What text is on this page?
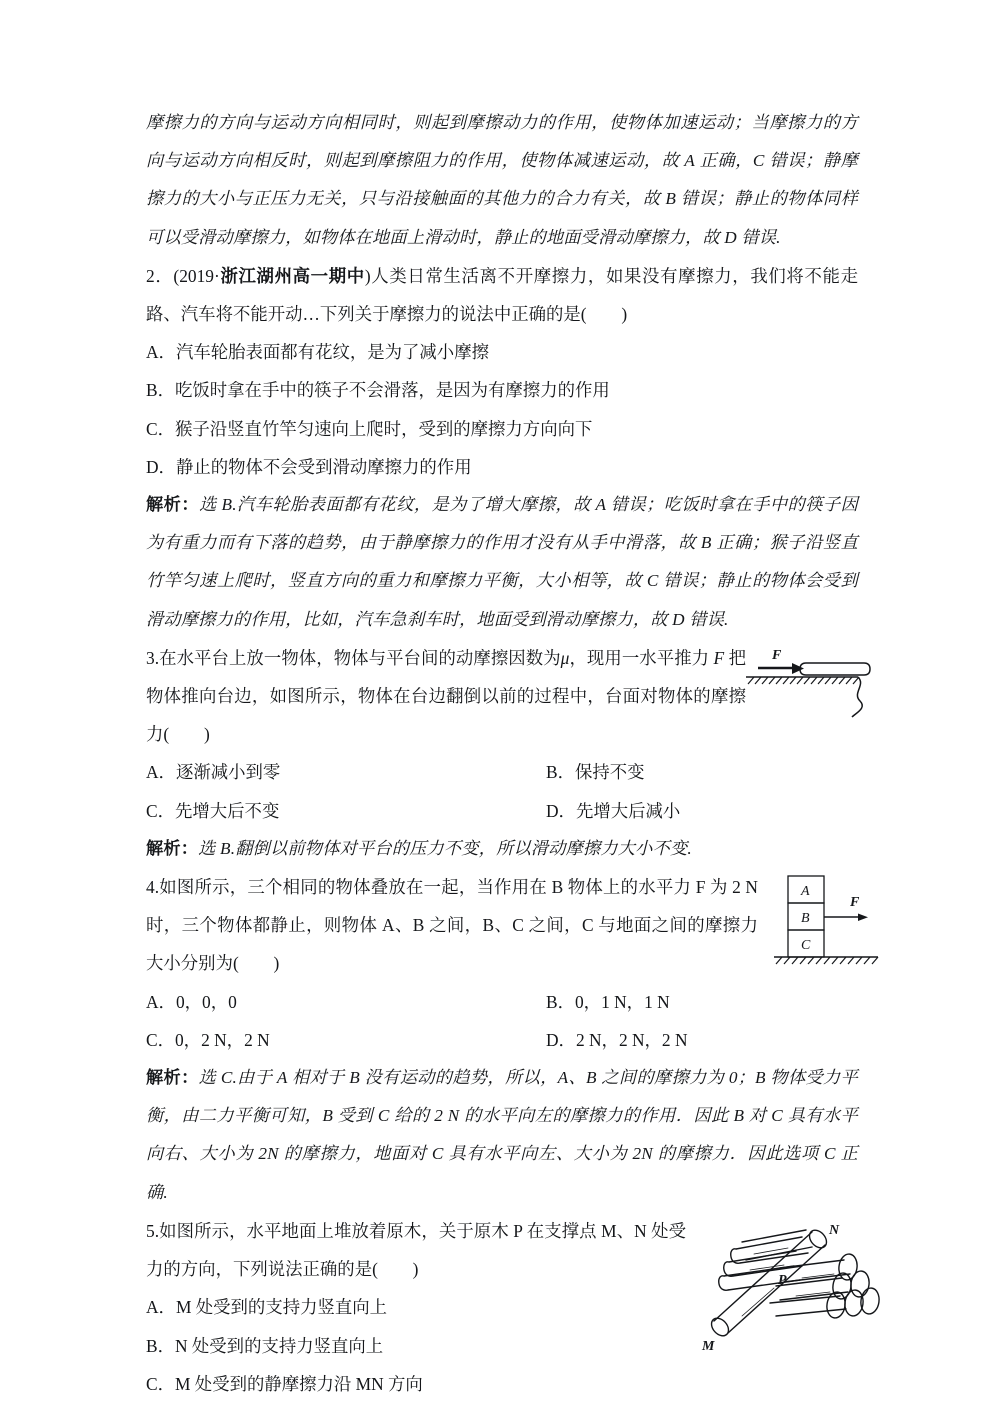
摩擦力的方向与运动方向相同时，则起到摩擦动力的作用，使物体加速运动；当摩擦力的方向与运动方向相反时，则起到摩擦阻力的作用，使物体减速运动，故 A 正确，C 错误；静摩擦力的大小与正压力无关，只与沿接触面的其他力的合力有关，故 B 错误；静止的物体同样可以受滑动摩擦力，如物体在地面上滑动时，静止的地面受滑动摩擦力，故 D 错误.
2．(2019·浙江湖州高一期中)人类日常生活离不开摩擦力，如果没有摩擦力，我们将不能走路、汽车将不能开动…下列关于摩擦力的说法中正确的是(　　)
A．汽车轮胎表面都有花纹，是为了减小摩擦
B．吃饭时拿在手中的筷子不会滑落，是因为有摩擦力的作用
C．猴子沿竖直竹竿匀速向上爬时，受到的摩擦力方向向下
D．静止的物体不会受到滑动摩擦力的作用
解析：选 B.汽车轮胎表面都有花纹，是为了增大摩擦，故 A 错误；吃饭时拿在手中的筷子因为有重力而有下落的趋势，由于静摩擦力的作用才没有从手中滑落，故 B 正确；猴子沿竖直竹竿匀速上爬时，竖直方向的重力和摩擦力平衡，大小相等，故 C 错误；静止的物体会受到滑动摩擦力的作用，比如，汽车急刹车时，地面受到滑动摩擦力，故 D 错误.
F
3.在水平台上放一物体，物体与平台间的动摩擦因数为μ，现用一水平推力 F 把物体推向台边，如图所示，物体在台边翻倒以前的过程中，台面对物体的摩擦力(　　)
A．逐渐减小到零	B．保持不变
C．先增大后不变	D．先增大后减小
解析：选 B.翻倒以前物体对平台的压力不变，所以滑动摩擦力大小不变.
A
B
C
F
4.如图所示，三个相同的物体叠放在一起，当作用在 B 物体上的水平力 F 为 2 N 时，三个物体都静止，则物体 A、B 之间，B、C 之间，C 与地面之间的摩擦力大小分别为(　　)
A．0，0，0	B．0，1 N，1 N
C．0，2 N，2 N	D．2 N，2 N，2 N
解析：选 C.由于 A 相对于 B 没有运动的趋势，所以，A、B 之间的摩擦力为 0；B 物体受力平衡，由二力平衡可知，B 受到 C 给的 2 N 的水平向左的摩擦力的作用．因此 B 对 C 具有水平向右、大小为 2N 的摩擦力，地面对 C 具有水平向左、大小为 2N 的摩擦力．因此选项 C 正确.
M
N
P
5.如图所示，水平地面上堆放着原木，关于原木 P 在支撑点 M、N 处受力的方向，下列说法正确的是(　　)
A．M 处受到的支持力竖直向上
B．N 处受到的支持力竖直向上
C．M 处受到的静摩擦力沿 MN 方向
